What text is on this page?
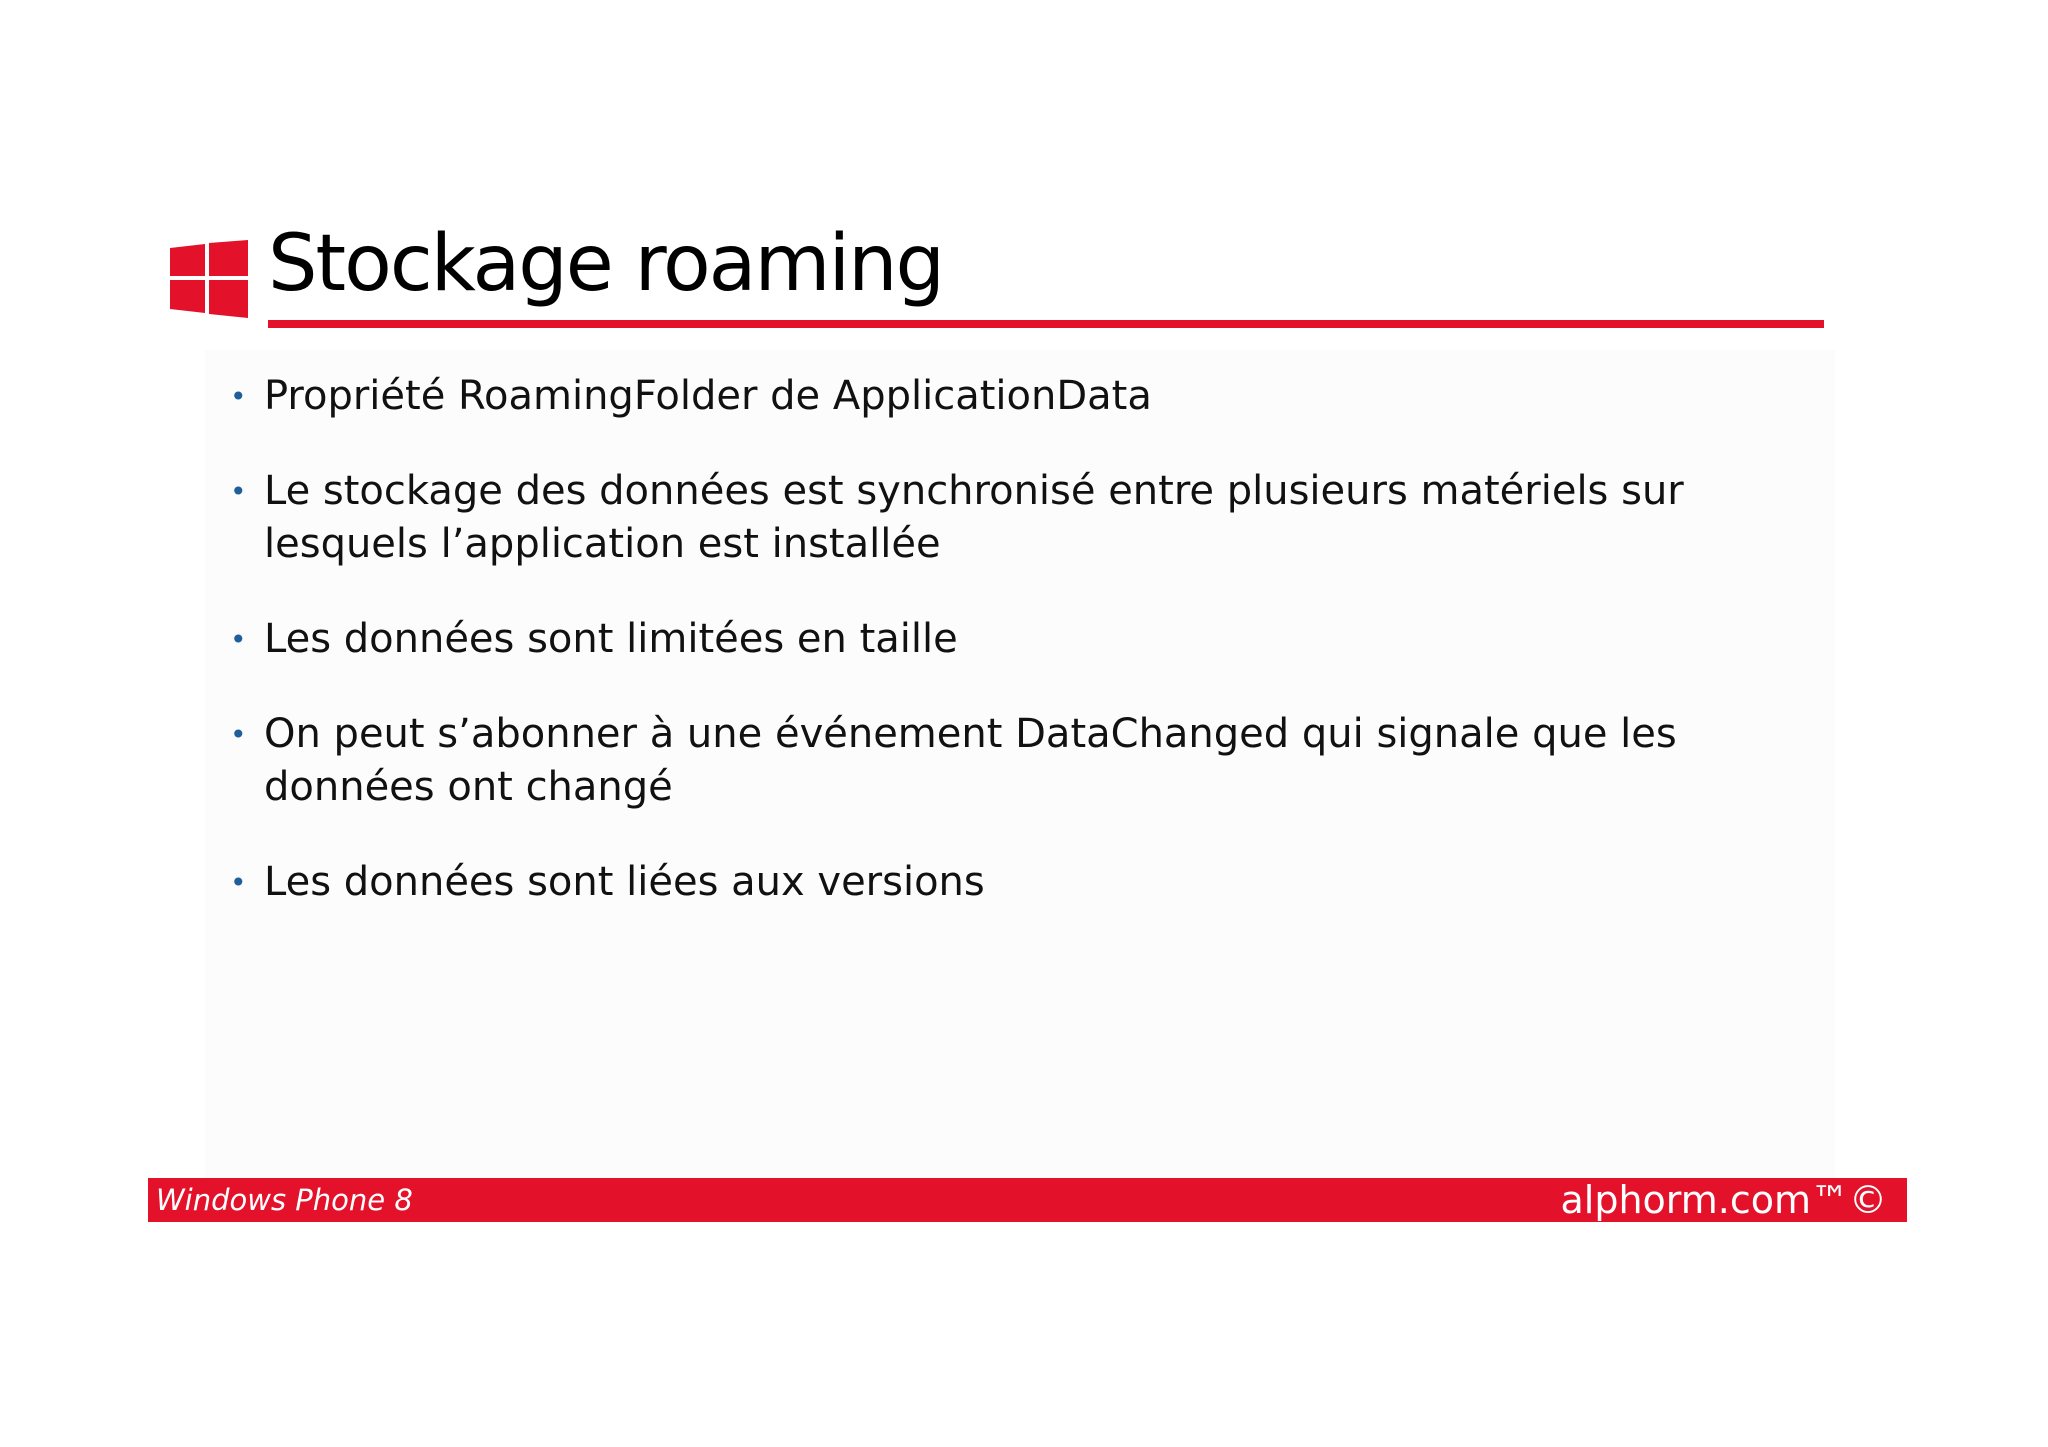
Stockage roaming
• Propriété RoamingFolder de ApplicationData
• Le stockage des données est synchronisé entre plusieurs matériels sur lesquels l’application est installée
• Les données sont limitées en taille
• On peut s’abonner à une événement DataChanged qui signale que les données ont changé
• Les données sont liées aux versions
Windows Phone 8	alphorm.com™©
